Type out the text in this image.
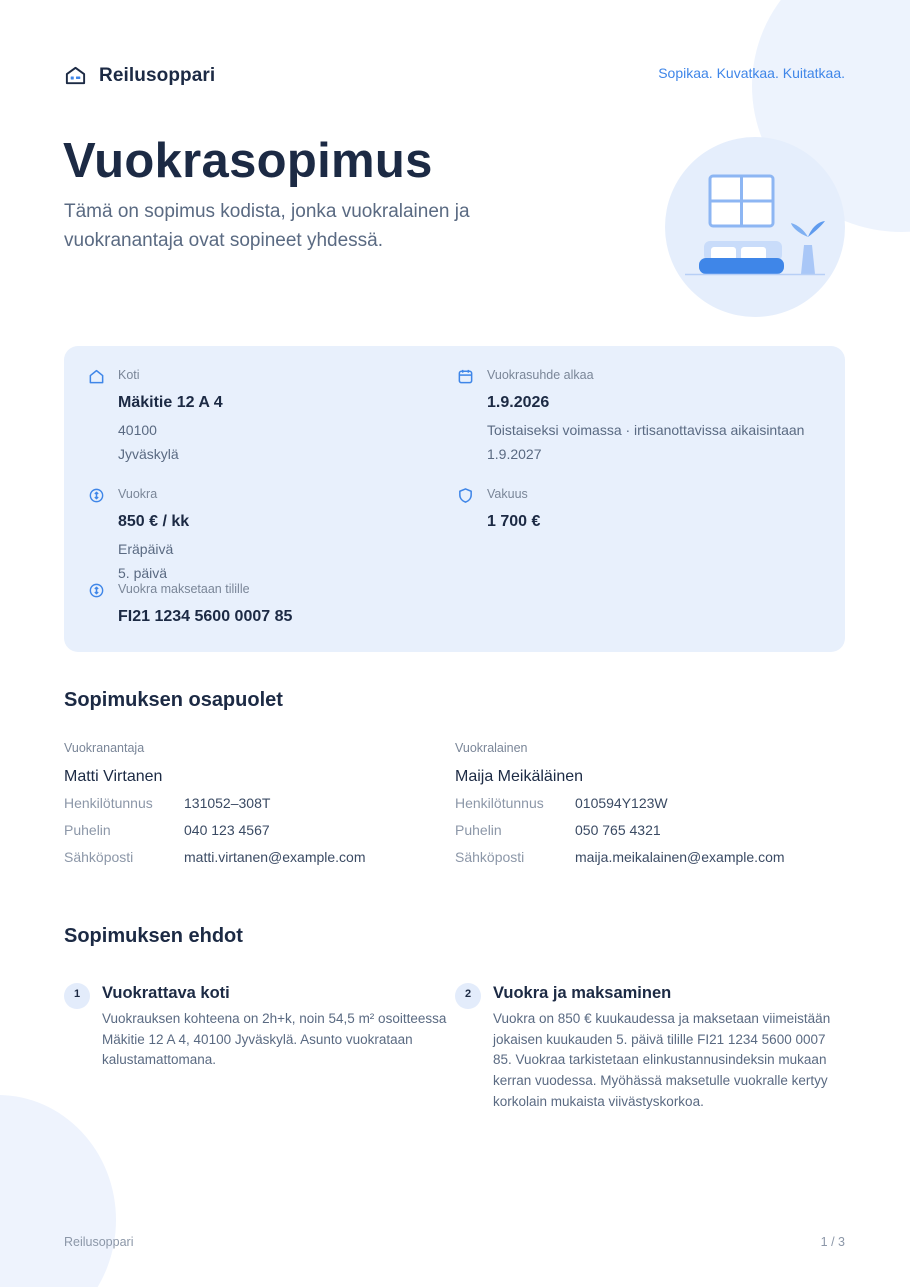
Reilusoppari	Sopikaa. Kuvatkaa. Kuitatkaa.
Vuokrasopimus

Tämä on sopimus kodista, jonka vuokralainen ja vuokranantaja ovat sopineet yhdessä.

Koti
Mäkitie 12 A 4
40100 Jyväskylä
Vuokrasuhde alkaa
1.9.2026
Toistaiseksi voimassa · irtisanottavissa aikaisintaan 1.9.2027
Vuokra
850 € / kk
Eräpäivä 5. päivä
Vakuus
1 700 €
Vuokra maksetaan tilille
FI21 1234 5600 0007 85
Sopimuksen osapuolet
Vuokranantaja
Matti Virtanen
Henkilötunnus 131052–308T
Puhelin	040 123 4567
Sähköposti	matti.virtanen@example.com
Vuokralainen
Maija Meikäläinen
Henkilötunnus 010594Y123W
Puhelin	050 765 4321
Sähköposti	maija.meikalainen@example.com
Sopimuksen ehdot
1	Vuokrattava koti
Vuokrauksen kohteena on 2h+k, noin 54,5 m² osoitteessa Mäkitie 12 A 4, 40100 Jyväskylä. Asunto vuokrataan kalustamattomana.
2	Vuokra ja maksaminen
Vuokra on 850 € kuukaudessa ja maksetaan viimeistään jokaisen kuukauden 5. päivä tilille FI21 1234 5600 0007 85. Vuokraa tarkistetaan elinkustannusindeksin mukaan kerran vuodessa. Myöhässä maksetulle vuokralle kertyy korkolain mukaista viivästyskorkoa.
Reilusoppari	1 / 3
